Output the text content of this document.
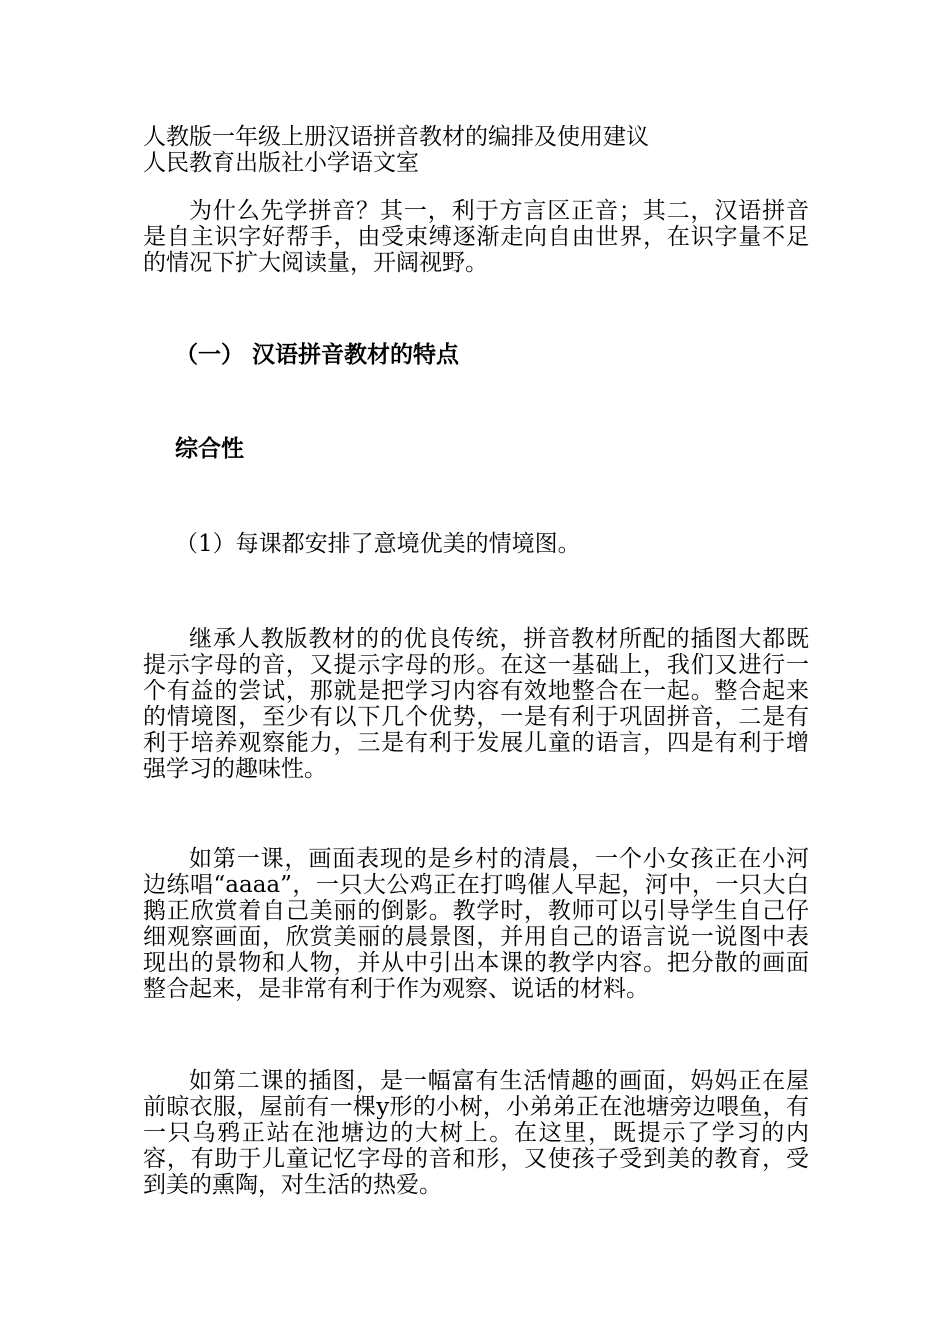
人教版一年级上册汉语拼音教材的编排及使用建议
人民教育出版社小学语文室

为什么先学拼音？其一，利于方言区正音；其二，汉语拼音是自主识字好帮手，由受束缚逐渐走向自由世界，在识字量不足的情况下扩大阅读量，开阔视野。

（一） 汉语拼音教材的特点
综合性
（1）每课都安排了意境优美的情境图。

继承人教版教材的的优良传统，拼音教材所配的插图大都既提示字母的音，又提示字母的形。在这一基础上，我们又进行一个有益的尝试，那就是把学习内容有效地整合在一起。整合起来的情境图，至少有以下几个优势，一是有利于巩固拼音，二是有利于培养观察能力，三是有利于发展儿童的语言，四是有利于增强学习的趣味性。

如第一课，画面表现的是乡村的清晨，一个小女孩正在小河边练唱“aaaa”，一只大公鸡正在打鸣催人早起，河中，一只大白鹅正欣赏着自己美丽的倒影。教学时，教师可以引导学生自己仔细观察画面，欣赏美丽的晨景图，并用自己的语言说一说图中表现出的景物和人物，并从中引出本课的教学内容。把分散的画面整合起来，是非常有利于作为观察、说话的材料。

如第二课的插图，是一幅富有生活情趣的画面，妈妈正在屋前晾衣服，屋前有一棵y形的小树，小弟弟正在池塘旁边喂鱼，有一只乌鸦正站在池塘边的大树上。在这里，既提示了学习的内容，有助于儿童记忆字母的音和形，又使孩子受到美的教育，受到美的熏陶，对生活的热爱。
